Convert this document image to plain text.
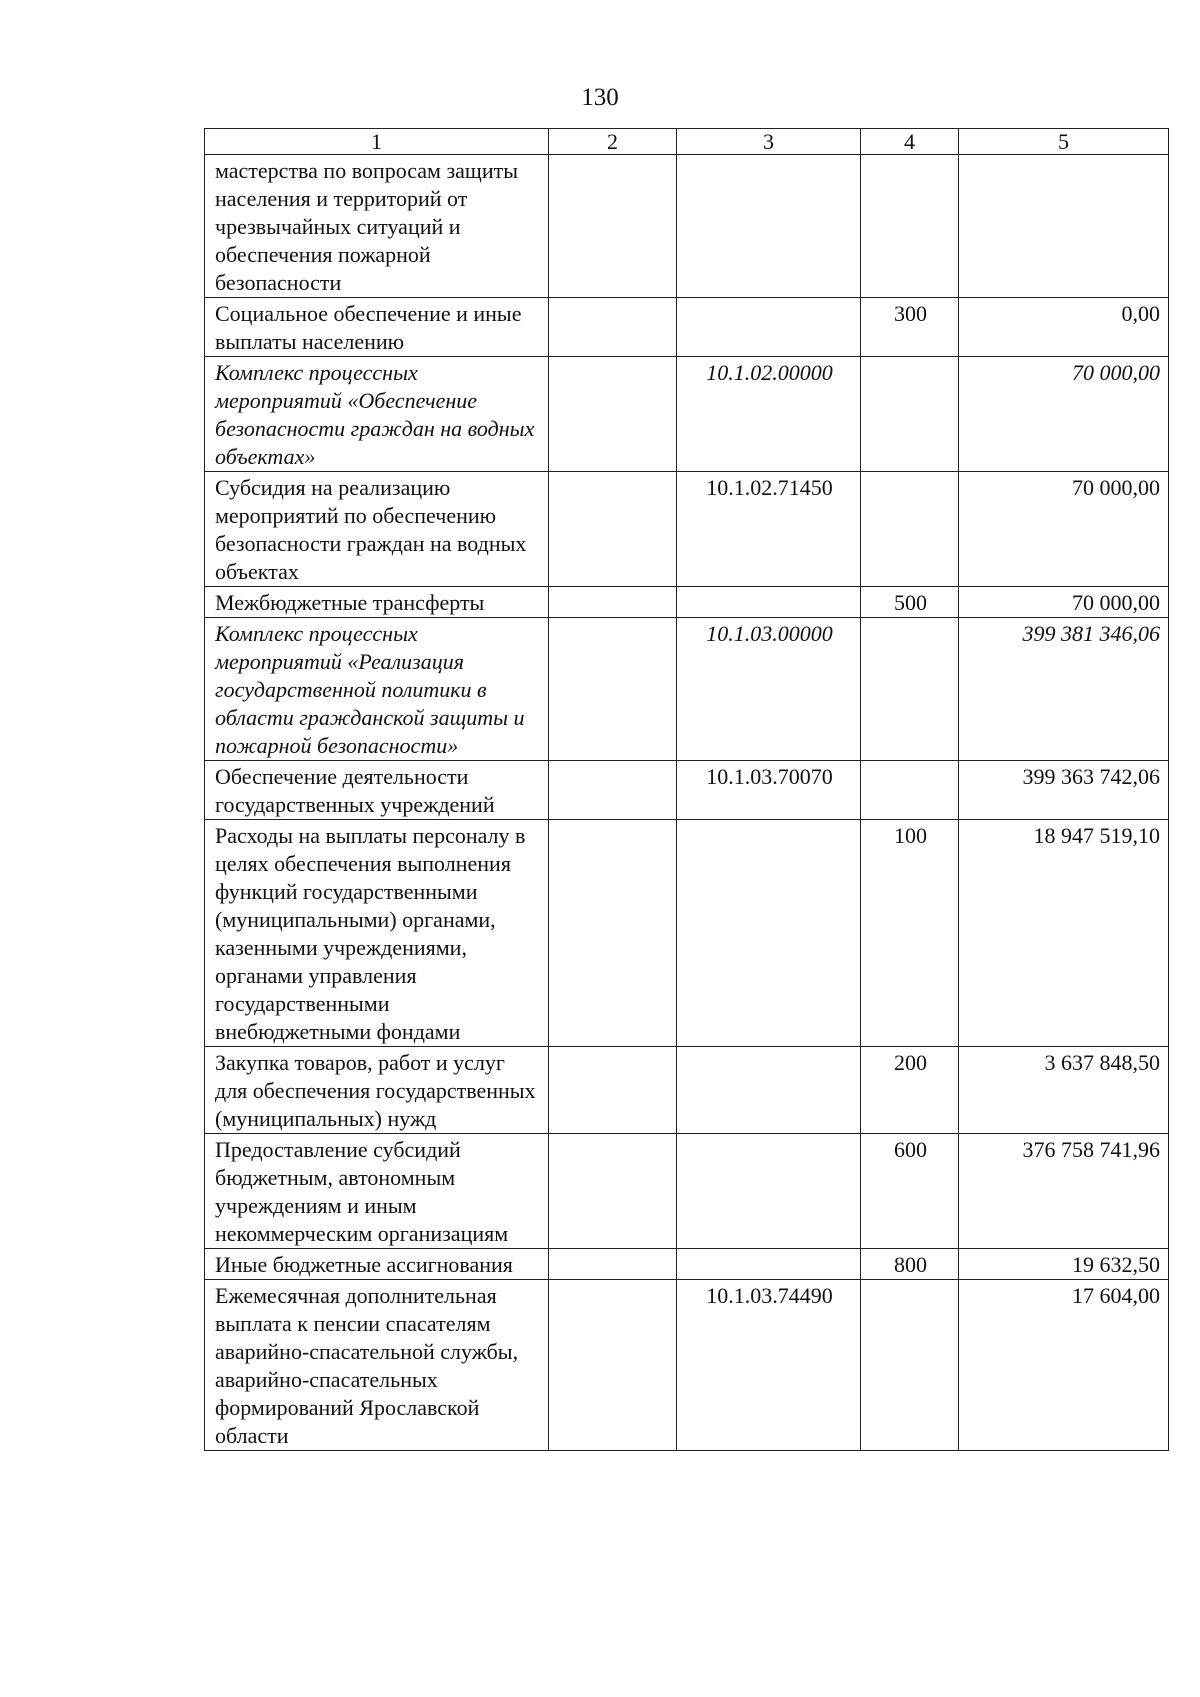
130
1	2	3	4	5
мастерства по вопросам защиты населения и территорий от чрезвычайных ситуаций и обеспечения пожарной безопасности				
Социальное обеспечение и иные выплаты населению			300	0,00
Комплекс процессных мероприятий «Обеспечение безопасности граждан на водных объектах»		10.1.02.00000		70 000,00
Субсидия на реализацию мероприятий по обеспечению безопасности граждан на водных объектах		10.1.02.71450		70 000,00
Межбюджетные трансферты			500	70 000,00
Комплекс процессных мероприятий «Реализация государственной политики в области гражданской защиты и пожарной безопасности»		10.1.03.00000		399 381 346,06
Обеспечение деятельности государственных учреждений		10.1.03.70070		399 363 742,06
Расходы на выплаты персоналу в целях обеспечения выполнения функций государственными (муниципальными) органами, казенными учреждениями, органами управления государственными внебюджетными фондами			100	18 947 519,10
Закупка товаров, работ и услуг для обеспечения государственных (муниципальных) нужд			200	3 637 848,50
Предоставление субсидий бюджетным, автономным учреждениям и иным некоммерческим организациям			600	376 758 741,96
Иные бюджетные ассигнования			800	19 632,50
Ежемесячная дополнительная выплата к пенсии спасателям аварийно-спасательной службы, аварийно-спасательных формирований Ярославской области		10.1.03.74490		17 604,00
